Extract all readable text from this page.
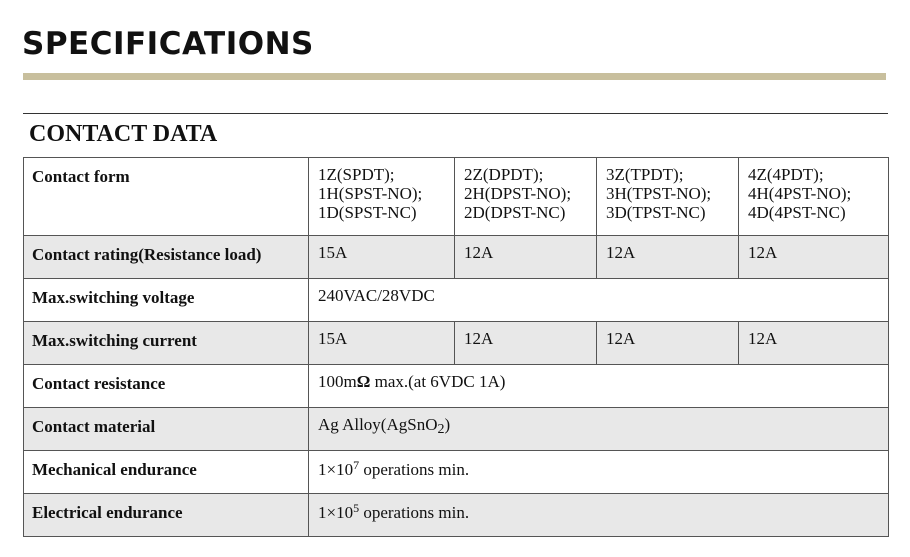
SPECIFICATIONS
CONTACT DATA
Contact form	1Z(SPDT);
1H(SPST-NO);
1D(SPST-NC)	2Z(DPDT);
2H(DPST-NO);
2D(DPST-NC)	3Z(TPDT);
3H(TPST-NO);
3D(TPST-NC)	4Z(4PDT);
4H(4PST-NO);
4D(4PST-NC)

Contact rating(Resistance load)	15A	12A	12A	12A
Max.switching voltage	240VAC/28VDC			
Max.switching current	15A	12A	12A	12A
Contact resistance	100mΩ max.(at 6VDC 1A)			
Contact material	Ag Alloy(AgSnO$_2$)			
Mechanical endurance	$1\times 10^7$ operations min.			
Electrical endurance	$1\times 10^5$ operations min.			
